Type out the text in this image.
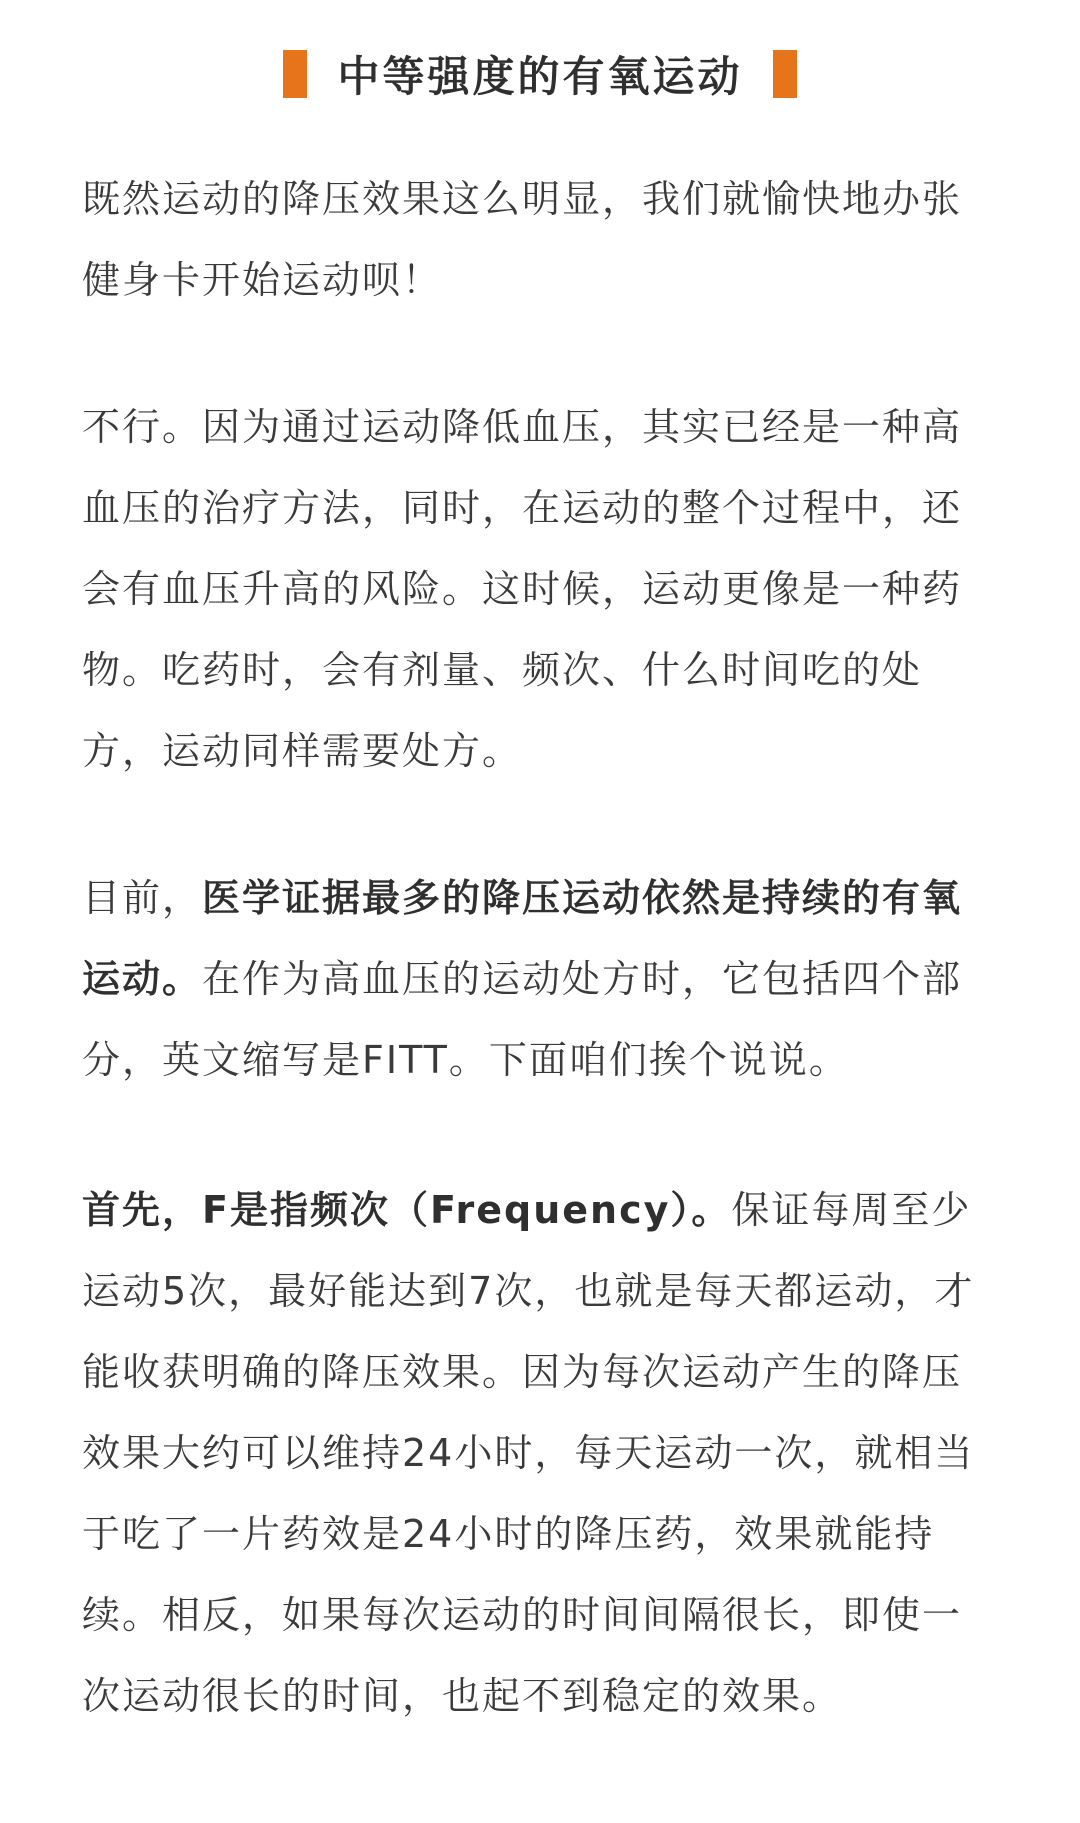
中等强度的有氧运动

既然运动的降压效果这么明显，我们就愉快地办张健身卡开始运动呗！

不行。因为通过运动降低血压，其实已经是一种高血压的治疗方法，同时，在运动的整个过程中，还会有血压升高的风险。这时候，运动更像是一种药物。吃药时，会有剂量、频次、什么时间吃的处方，运动同样需要处方。

目前，医学证据最多的降压运动依然是持续的有氧运动。在作为高血压的运动处方时，它包括四个部分，英文缩写是FITT。下面咱们挨个说说。

首先，F是指频次（Frequency）。保证每周至少运动5次，最好能达到7次，也就是每天都运动，才能收获明确的降压效果。因为每次运动产生的降压效果大约可以维持24小时，每天运动一次，就相当于吃了一片药效是24小时的降压药，效果就能持续。相反，如果每次运动的时间间隔很长，即使一次运动很长的时间，也起不到稳定的效果。
